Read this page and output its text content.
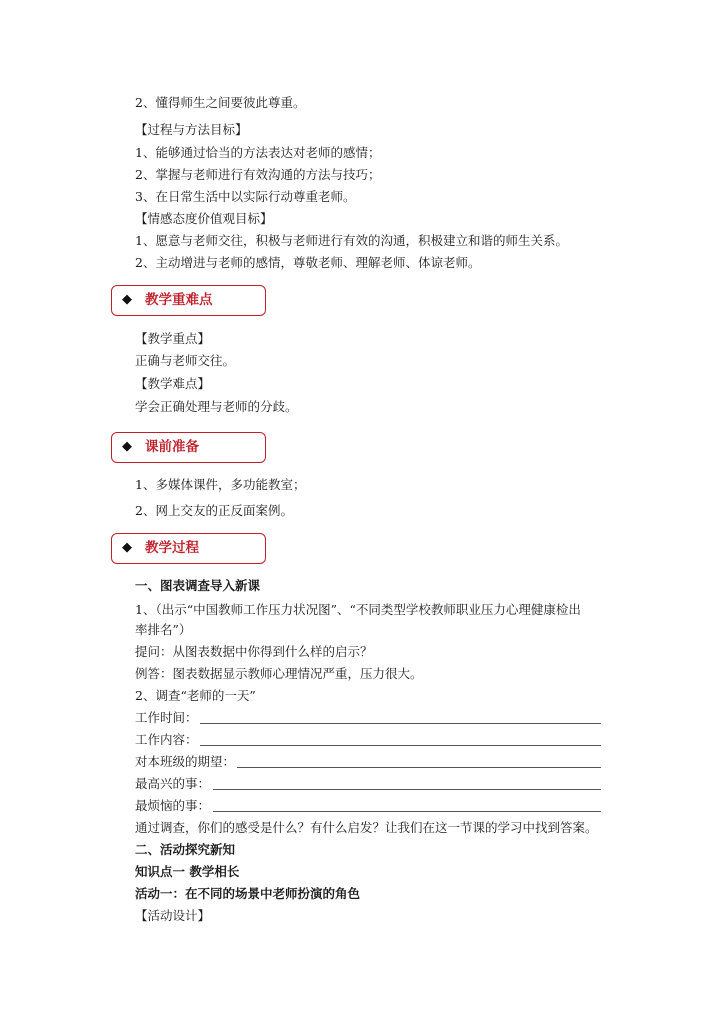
2、懂得师生之间要彼此尊重。
【过程与方法目标】
1、能够通过恰当的方法表达对老师的感情；
2、掌握与老师进行有效沟通的方法与技巧；
3、在日常生活中以实际行动尊重老师。
【情感态度价值观目标】
1、愿意与老师交往，积极与老师进行有效的沟通，积极建立和谐的师生关系。
2、主动增进与老师的感情，尊敬老师、理解老师、体谅老师。
◆ 教学重难点
【教学重点】
正确与老师交往。
【教学难点】
学会正确处理与老师的分歧。
◆ 课前准备
1、多媒体课件，多功能教室；
2、网上交友的正反面案例。
◆ 教学过程
一、图表调查导入新课
1、（出示“中国教师工作压力状况图”、“不同类型学校教师职业压力心理健康检出
率排名”）
提问：从图表数据中你得到什么样的启示？
例答：图表数据显示教师心理情况严重，压力很大。
2、调查“老师的一天”
工作时间：
工作内容：
对本班级的期望：
最高兴的事：
最烦恼的事：
通过调查，你们的感受是什么？有什么启发？让我们在这一节课的学习中找到答案。
二、活动探究新知
知识点一 教学相长
活动一：在不同的场景中老师扮演的角色
【活动设计】
